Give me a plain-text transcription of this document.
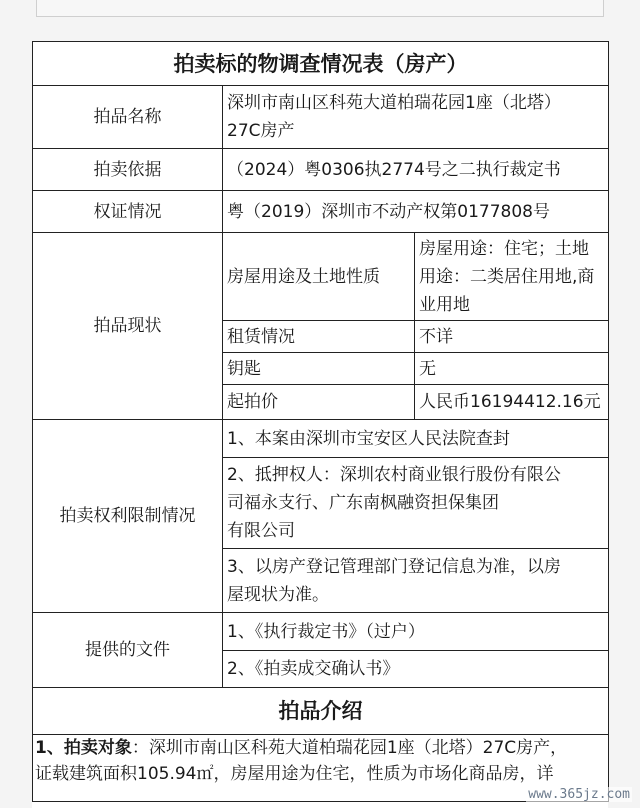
拍卖标的物调查情况表（房产）		
拍品名称	深圳市南山区科苑大道柏瑞花园1座（北塔）
27C房产	

拍卖依据	（2024）粤0306执2774号之二执行裁定书	
权证情况	粤（2019）深圳市不动产权第0177808号	
拍品现状	房屋用途及土地性质	房屋用途：住宅；土地
用途：二类居住用地,商
业用地

	租赁情况	不详
	钥匙	无
	起拍价	人民币16194412.16元
拍卖权利限制情况	1、本案由深圳市宝安区人民法院查封	

	2、抵押权人：深圳农村商业银行股份有限公
司福永支行、广东南枫融资担保集团
有限公司	

	3、以房产登记管理部门登记信息为准，以房
屋现状为准。	

提供的文件	1、《执行裁定书》（过户）	
	2、《拍卖成交确认书》	
拍品介绍		

1、拍卖对象：深圳市南山区科苑大道柏瑞花园1座（北塔）27C房产，
证载建筑面积105.94㎡，房屋用途为住宅，性质为市场化商品房，详		
www.365jz.com
